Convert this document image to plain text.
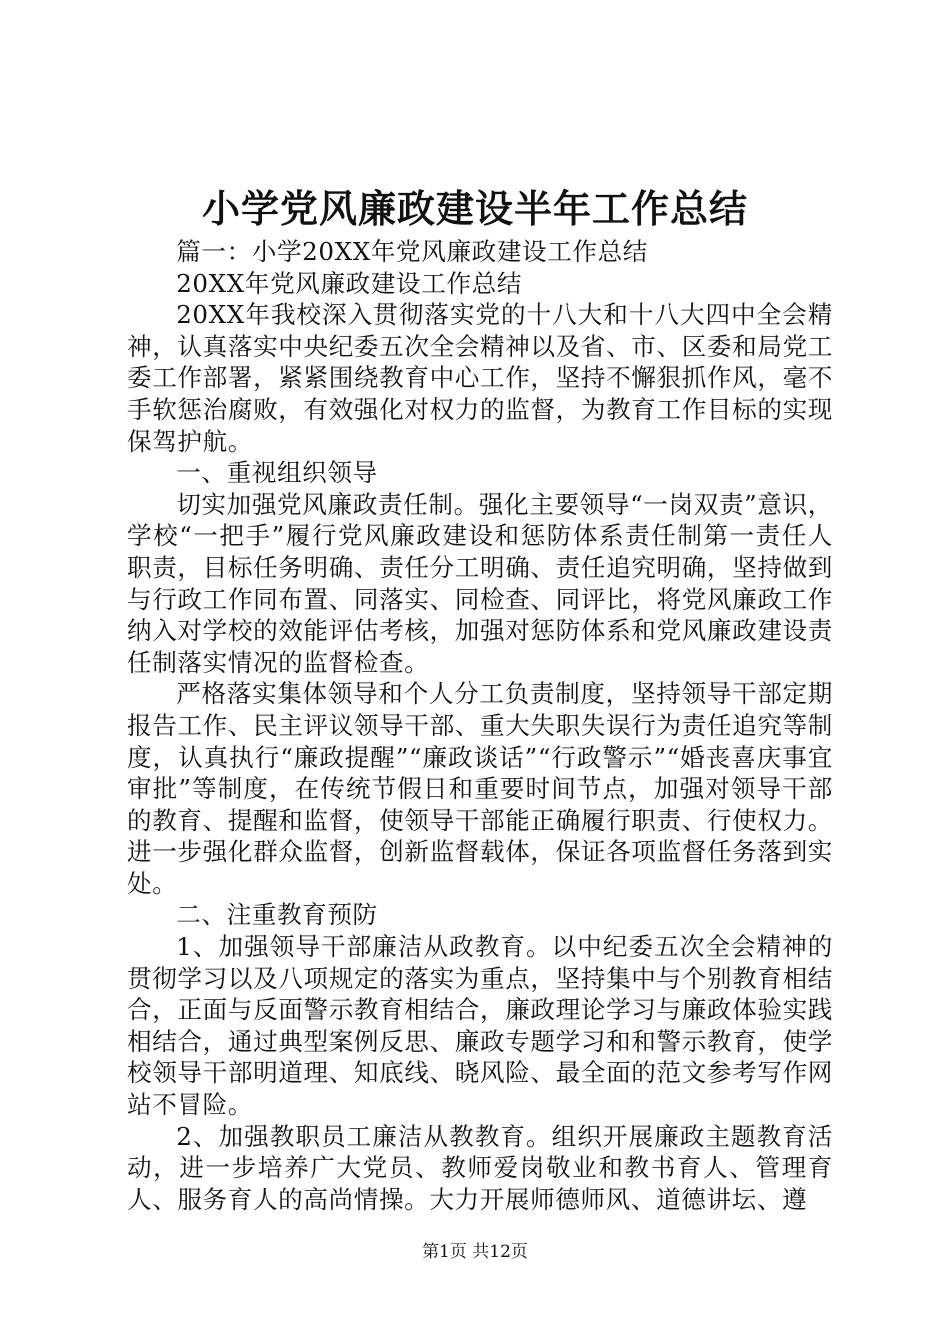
小学党风廉政建设半年工作总结

篇一：小学20XX年党风廉政建设工作总结

20XX年党风廉政建设工作总结

20XX年我校深入贯彻落实党的十八大和十八大四中全会精神，认真落实中央纪委五次全会精神以及省、市、区委和局党工委工作部署，紧紧围绕教育中心工作，坚持不懈狠抓作风，毫不手软惩治腐败，有效强化对权力的监督，为教育工作目标的实现保驾护航。

一、重视组织领导

切实加强党风廉政责任制。强化主要领导“一岗双责”意识，学校“一把手”履行党风廉政建设和惩防体系责任制第一责任人职责，目标任务明确、责任分工明确、责任追究明确，坚持做到与行政工作同布置、同落实、同检查、同评比，将党风廉政工作纳入对学校的效能评估考核，加强对惩防体系和党风廉政建设责任制落实情况的监督检查。

严格落实集体领导和个人分工负责制度，坚持领导干部定期报告工作、民主评议领导干部、重大失职失误行为责任追究等制度，认真执行“廉政提醒”“廉政谈话”“行政警示”“婚丧喜庆事宜审批”等制度，在传统节假日和重要时间节点，加强对领导干部的教育、提醒和监督，使领导干部能正确履行职责、行使权力。进一步强化群众监督，创新监督载体，保证各项监督任务落到实处。

二、注重教育预防

1、加强领导干部廉洁从政教育。以中纪委五次全会精神的贯彻学习以及八项规定的落实为重点，坚持集中与个别教育相结合，正面与反面警示教育相结合，廉政理论学习与廉政体验实践相结合，通过典型案例反思、廉政专题学习和和警示教育，使学校领导干部明道理、知底线、晓风险、最全面的范文参考写作网站不冒险。

2、加强教职员工廉洁从教教育。组织开展廉政主题教育活动，进一步培养广大党员、教师爱岗敬业和教书育人、管理育人、服务育人的高尚情操。大力开展师德师风、道德讲坛、遵

第1页 共12页
